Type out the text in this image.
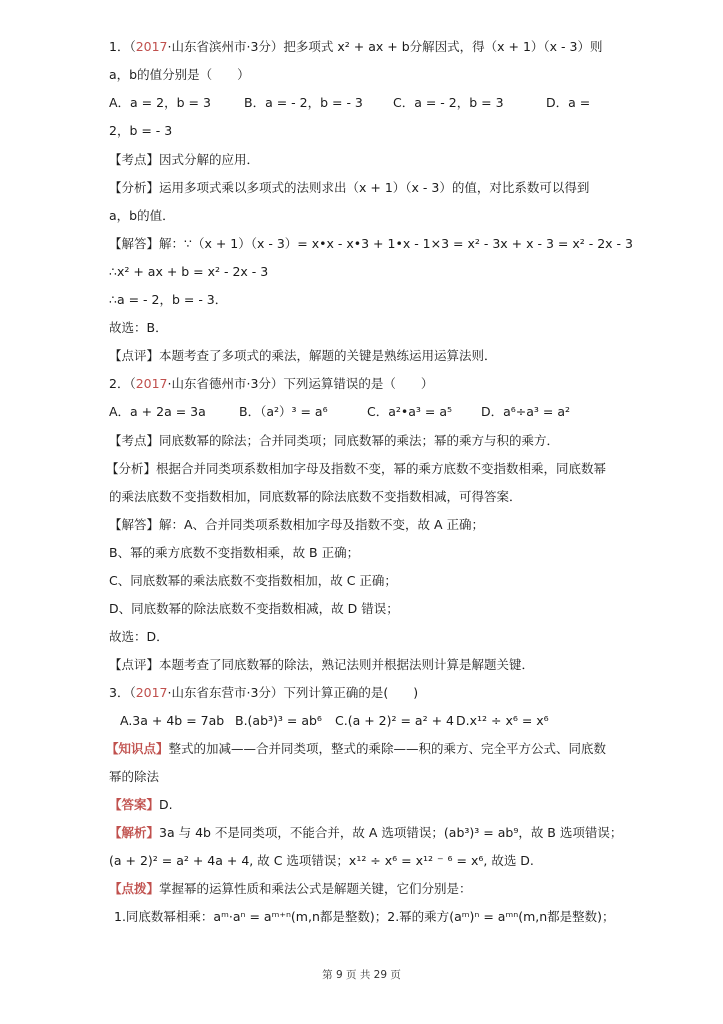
1．（2017·山东省滨州市·3分）把多项式 x² + ax + b分解因式，得（x + 1）（x - 3）则
a，b的值分别是（　　）
A．a = 2，b = 3	B．a = - 2，b = - 3 C．a = - 2，b = 3	D．a =
2，b = - 3
【考点】因式分解的应用．
【分析】运用多项式乘以多项式的法则求出（x + 1）（x - 3）的值，对比系数可以得到
a，b的值．
【解答】解：∵（x + 1）（x - 3）= x•x - x•3 + 1•x - 1×3 = x² - 3x + x - 3 = x² - 2x - 3
∴x² + ax + b = x² - 2x - 3
∴a = - 2，b = - 3．
故选：B．
【点评】本题考查了多项式的乘法，解题的关键是熟练运用运算法则．
2．（2017·山东省德州市·3分）下列运算错误的是（　　）
A．a + 2a = 3a	B．（a²）³ = a⁶	C．a²•a³ = a⁵ D．a⁶÷a³ = a²
【考点】同底数幂的除法；合并同类项；同底数幂的乘法；幂的乘方与积的乘方．
【分析】根据合并同类项系数相加字母及指数不变，幂的乘方底数不变指数相乘，同底数幂
的乘法底数不变指数相加，同底数幂的除法底数不变指数相减，可得答案．
【解答】解：A、合并同类项系数相加字母及指数不变，故 A 正确；
B、幂的乘方底数不变指数相乘，故 B 正确；
C、同底数幂的乘法底数不变指数相加，故 C 正确；
D、同底数幂的除法底数不变指数相减，故 D 错误；
故选：D．
【点评】本题考查了同底数幂的除法，熟记法则并根据法则计算是解题关键．
3．（2017·山东省东营市·3分）下列计算正确的是(　　)
A.3a + 4b = 7ab B.(ab³)³ = ab⁶ C.(a + 2)² = a² + 4 D.x¹² ÷ x⁶ = x⁶
【知识点】整式的加减——合并同类项，整式的乘除——积的乘方、完全平方公式、同底数
幂的除法
【答案】D.
【解析】3a 与 4b 不是同类项，不能合并，故 A 选项错误；(ab³)³ = ab⁹，故 B 选项错误；
(a + 2)² = a² + 4a + 4, 故 C 选项错误；x¹² ÷ x⁶ = x¹² ⁻ ⁶ = x⁶, 故选 D.
【点拨】掌握幂的运算性质和乘法公式是解题关键，它们分别是：
1.同底数幂相乘：aᵐ·aⁿ = aᵐ⁺ⁿ(m,n都是整数)；2.幂的乘方(aᵐ)ⁿ = aᵐⁿ(m,n都是整数)；
第 9 页 共 29 页
